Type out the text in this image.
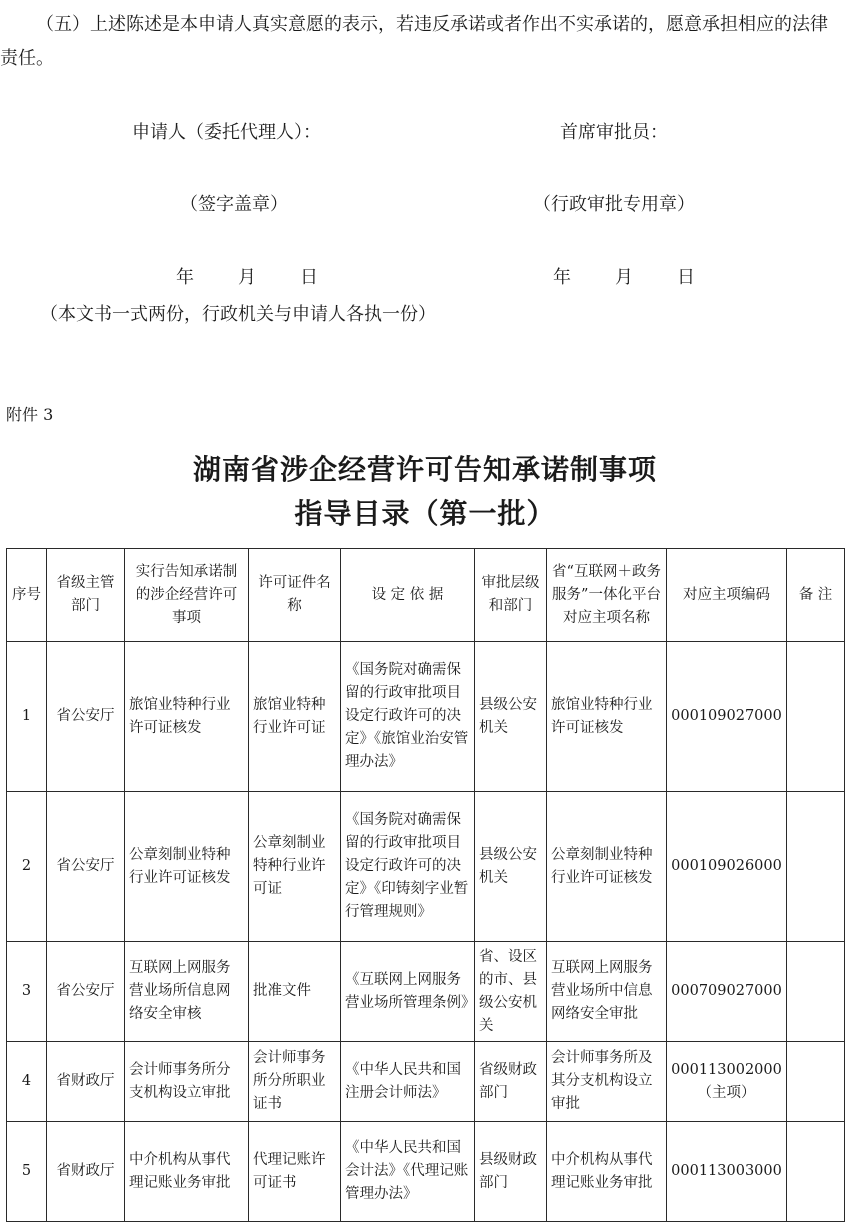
（五）上述陈述是本申请人真实意愿的表示，若违反承诺或者作出不实承诺的，愿意承担相应的法律责任。
申请人（委托代理人）：	首席审批员：
（签字盖章）	（行政审批专用章）
年 月 日	年 月 日
（本文书一式两份，行政机关与申请人各执一份）
附件 3
湖南省涉企经营许可告知承诺制事项
指导目录（第一批）
序号	省级主管部门	实行告知承诺制的涉企经营许可事项	许可证件名　称	设 定 依 据	审批层级和部门	省“互联网＋政务服务”一体化平台对应主项名称	对应主项编码	备 注
1	省公安厅	旅馆业特种行业许可证核发	旅馆业特种行业许可证	《国务院对确需保留的行政审批项目设定行政许可的决定》《旅馆业治安管理办法》	县级公安机关	旅馆业特种行业许可证核发	000109027000	

2	省公安厅	公章刻制业特种行业许可证核发	公章刻制业特种行业许可证	《国务院对确需保留的行政审批项目设定行政许可的决定》《印铸刻字业暂行管理规则》	县级公安机关	公章刻制业特种行业许可证核发	000109026000	

3	省公安厅	互联网上网服务营业场所信息网络安全审核	批准文件	《互联网上网服务营业场所管理条例》	省、设区的市、县级公安机关	互联网上网服务营业场所中信息网络安全审批	000709027000	

4	省财政厅	会计师事务所分支机构设立审批	会计师事务所分所职业证书	《中华人民共和国注册会计师法》	省级财政部门	会计师事务所及其分支机构设立审批	000113002000
（主项）	

5	省财政厅	中介机构从事代理记账业务审批	代理记账许可证书	《中华人民共和国会计法》《代理记账管理办法》	县级财政部门	中介机构从事代理记账业务审批	000113003000	
